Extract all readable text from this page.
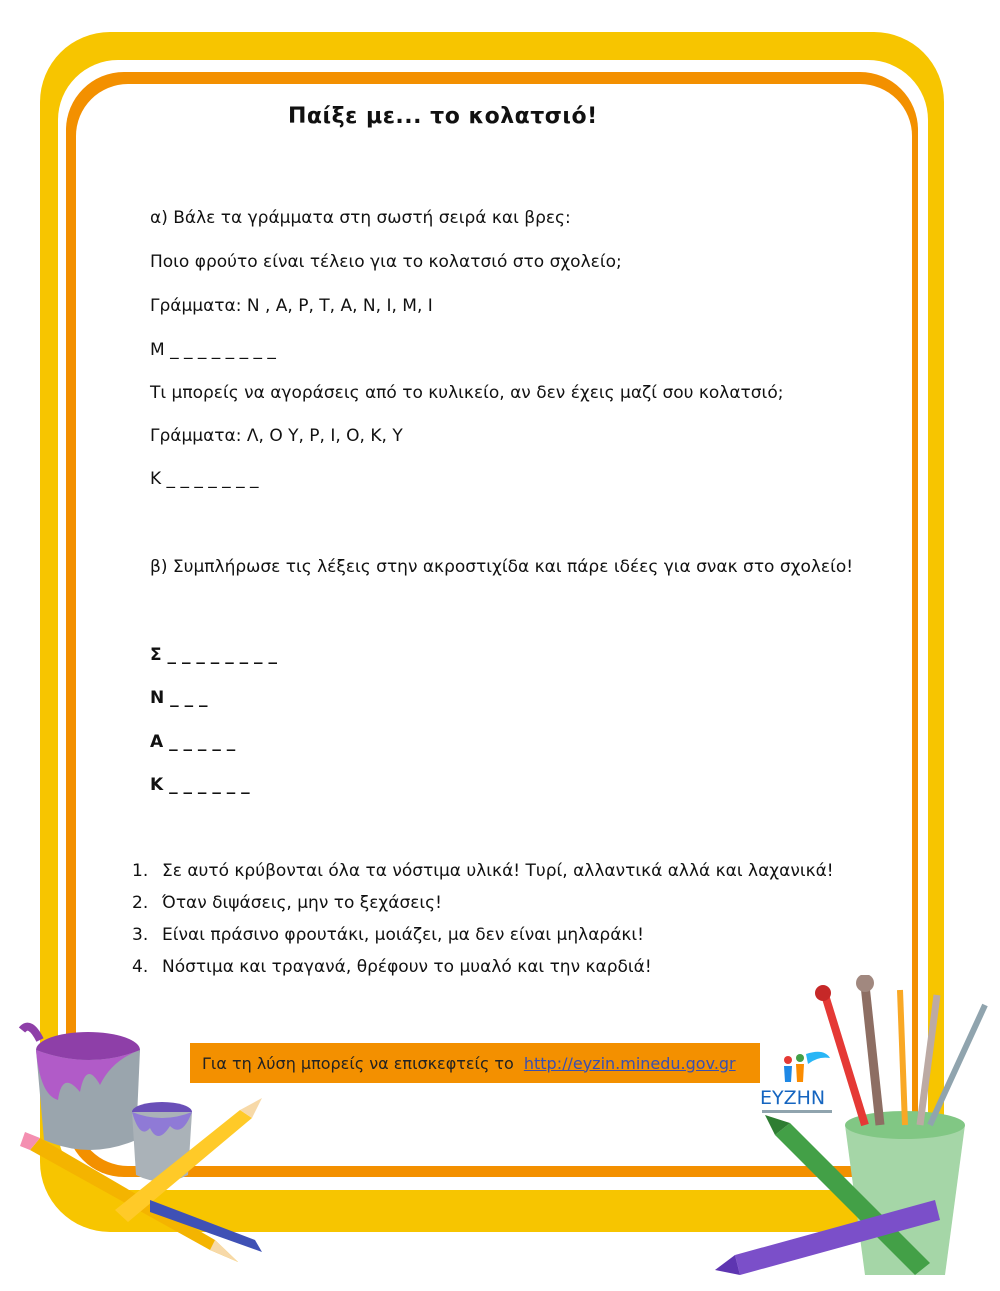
Παίξε με... το κολατσιό!
α) Βάλε τα γράμματα στη σωστή σειρά και βρες:
Ποιο φρούτο είναι τέλειο για το κολατσιό στο σχολείο;
Γράμματα: Ν , Α, Ρ, Τ, Α, Ν, Ι, Μ, Ι
Μ _ _ _ _ _ _ _ _
Τι μπορείς να αγοράσεις από το κυλικείο, αν δεν έχεις μαζί σου κολατσιό;
Γράμματα: Λ, Ο Υ, Ρ, Ι, Ο, Κ, Υ
Κ _ _ _ _ _ _ _
β) Συμπλήρωσε τις λέξεις στην ακροστιχίδα και πάρε ιδέες για σνακ στο σχολείο!
Σ _ _ _ _ _ _ _ _
Ν _ _ _
Α _ _ _ _ _
Κ _ _ _ _ _ _
1. Σε αυτό κρύβονται όλα τα νόστιμα υλικά! Τυρί, αλλαντικά αλλά και λαχανικά!
2. Όταν διψάσεις, μην το ξεχάσεις!
3. Είναι πράσινο φρουτάκι, μοιάζει, μα δεν είναι μηλαράκι!
4. Νόστιμα και τραγανά, θρέφουν το μυαλό και την καρδιά!
Για τη λύση μπορείς να επισκεφτείς το http://eyzin.minedu.gov.gr
ΕΥΖΗΝ
